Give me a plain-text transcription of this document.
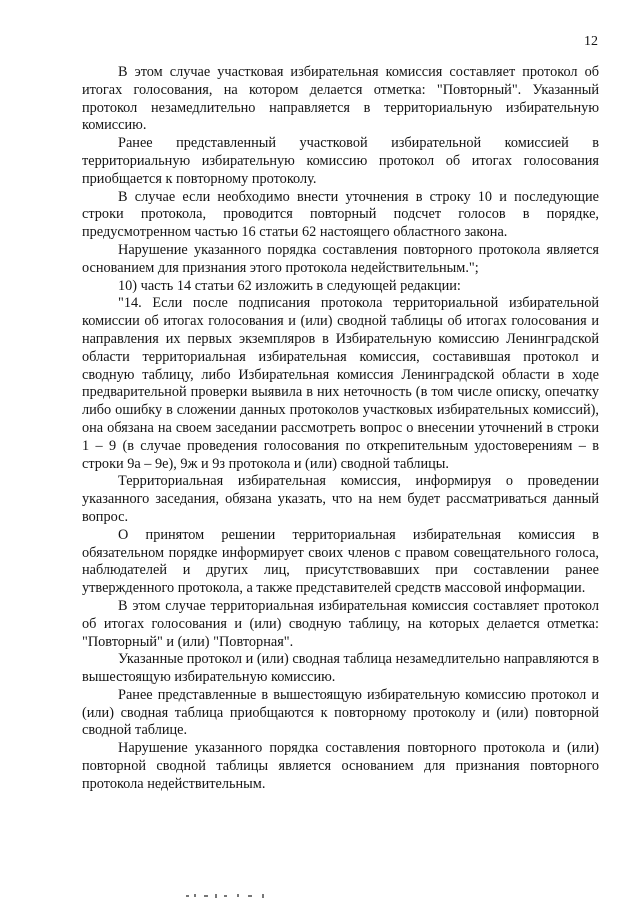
12

В этом случае участковая избирательная комиссия составляет протокол об итогах голосования, на котором делается отметка: "Повторный". Указанный протокол незамедлительно направляется в территориальную избирательную комиссию.

Ранее представленный участковой избирательной комиссией в территориальную избирательную комиссию протокол об итогах голосования приобщается к повторному протоколу.

В случае если необходимо внести уточнения в строку 10 и последующие строки протокола, проводится повторный подсчет голосов в порядке, предусмотренном частью 16 статьи 62 настоящего областного закона.

Нарушение указанного порядка составления повторного протокола является основанием для признания этого протокола недействительным.";

10) часть 14 статьи 62 изложить в следующей редакции:

"14. Если после подписания протокола территориальной избирательной комиссии об итогах голосования и (или) сводной таблицы об итогах голосования и направления их первых экземпляров в Избирательную комиссию Ленинградской области территориальная избирательная комиссия, составившая протокол и сводную таблицу, либо Избирательная комиссия Ленинградской области в ходе предварительной проверки выявила в них неточность (в том числе описку, опечатку либо ошибку в сложении данных протоколов участковых избирательных комиссий), она обязана на своем заседании рассмотреть вопрос о внесении уточнений в строки 1 – 9 (в случае проведения голосования по открепительным удостоверениям – в строки 9а – 9е), 9ж и 9з протокола и (или) сводной таблицы.

Территориальная избирательная комиссия, информируя о проведении указанного заседания, обязана указать, что на нем будет рассматриваться данный вопрос.

О принятом решении территориальная избирательная комиссия в обязательном порядке информирует своих членов с правом совещательного голоса, наблюдателей и других лиц, присутствовавших при составлении ранее утвержденного протокола, а также представителей средств массовой информации.

В этом случае территориальная избирательная комиссия составляет протокол об итогах голосования и (или) сводную таблицу, на которых делается отметка: "Повторный" и (или) "Повторная".

Указанные протокол и (или) сводная таблица незамедлительно направляются в вышестоящую избирательную комиссию.

Ранее представленные в вышестоящую избирательную комиссию протокол и (или) сводная таблица приобщаются к повторному протоколу и (или) повторной сводной таблице.

Нарушение указанного порядка составления повторного протокола и (или) повторной сводной таблицы является основанием для признания повторного протокола недействительным.
